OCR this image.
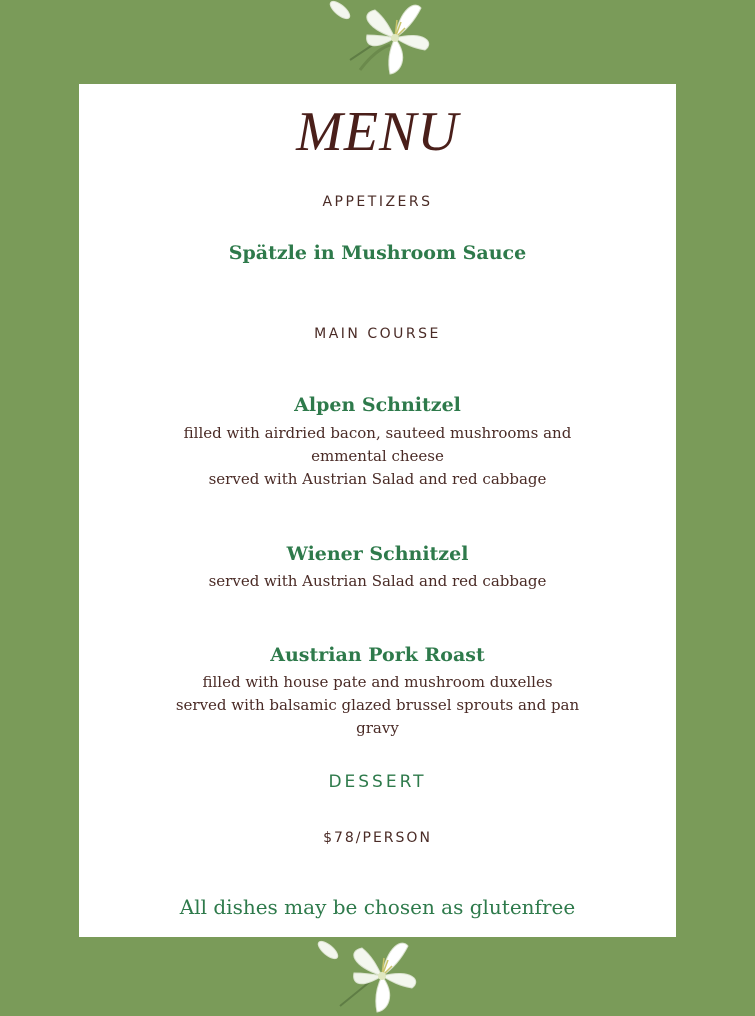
MENU
APPETIZERS
Spätzle in Mushroom Sauce
MAIN COURSE
Alpen Schnitzel
filled with airdried bacon, sauteed mushrooms and
emmental cheese
served with Austrian Salad and red cabbage
Wiener Schnitzel
served with Austrian Salad and red cabbage
Austrian Pork Roast
filled with house pate and mushroom duxelles
served with balsamic glazed brussel sprouts and pan
gravy
DESSERT
$78/PERSON
All dishes may be chosen as glutenfree
